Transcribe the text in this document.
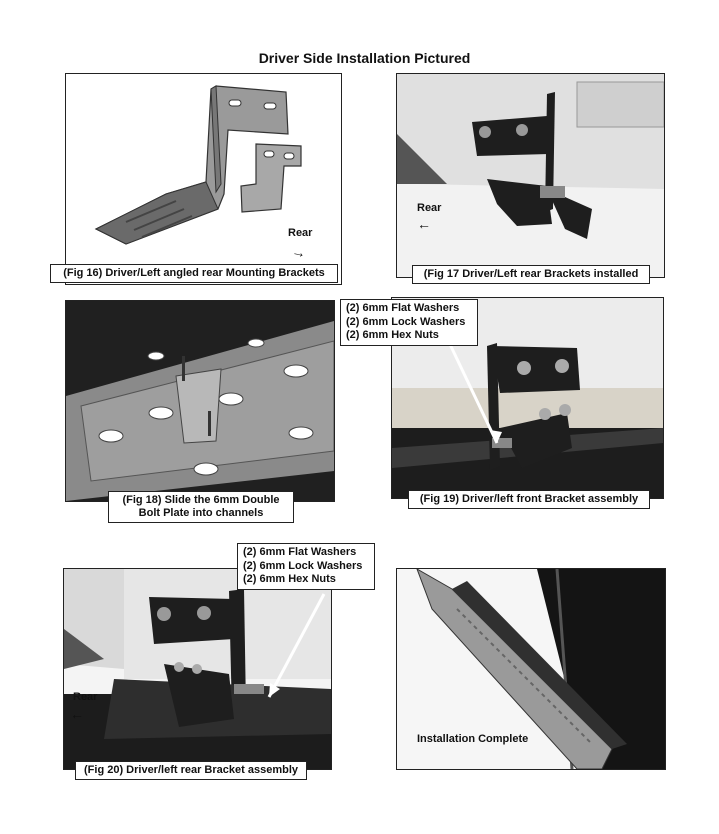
Driver Side Installation Pictured
Rear
→
(Fig 16) Driver/Left angled rear Mounting Brackets
Rear
←
(Fig 17 Driver/Left rear Brackets installed
(Fig 18) Slide the 6mm Double
Bolt Plate into channels
(2) 6mm Flat Washers
(2) 6mm Lock Washers
(2) 6mm Hex Nuts
(Fig 19) Driver/left front Bracket assembly
Rear
←
(2) 6mm Flat Washers
(2) 6mm Lock Washers
(2) 6mm Hex Nuts
(Fig 20) Driver/left rear Bracket assembly
Installation Complete
